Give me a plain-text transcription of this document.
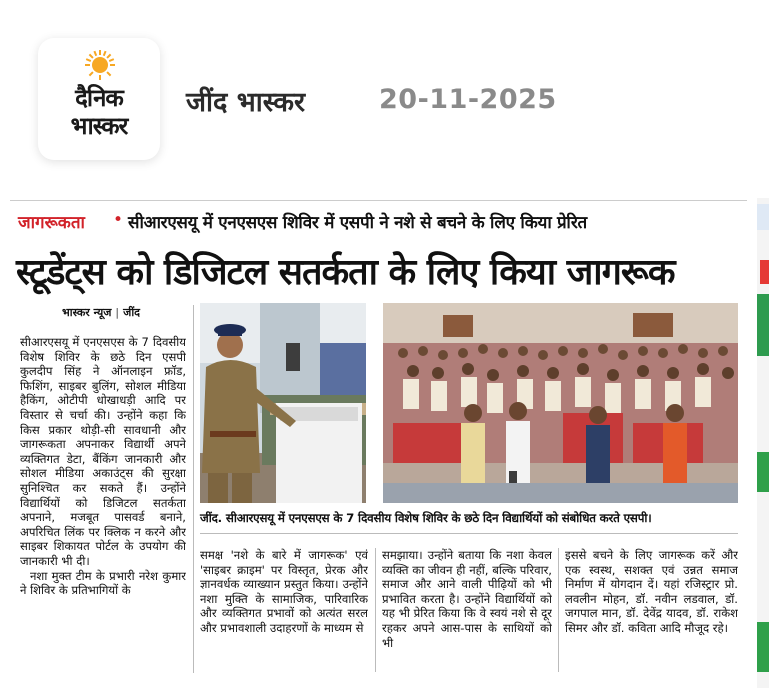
दैनिक
भास्कर
जींद भास्कर	20-11-2025
जागरूकता • सीआरएसयू में एनएसएस शिविर में एसपी ने नशे से बचने के लिए किया प्रेरित
स्टूडेंट्स को डिजिटल सतर्कता के लिए किया जागरूक
भास्कर न्यूज | जींद

सीआरएसयू में एनएसएस के 7 दिवसीय विशेष शिविर के छठे दिन एसपी कुलदीप सिंह ने ऑनलाइन फ्रॉड, फिशिंग, साइबर बुलिंग, सोशल मीडिया हैकिंग, ओटीपी धोखाधड़ी आदि पर विस्तार से चर्चा की। उन्होंने कहा कि किस प्रकार थोड़ी-सी सावधानी और जागरूकता अपनाकर विद्यार्थी अपने व्यक्तिगत डेटा, बैंकिंग जानकारी और सोशल मीडिया अकाउंट्स की सुरक्षा सुनिश्चित कर सकते हैं। उन्होंने विद्यार्थियों को डिजिटल सतर्कता अपनाने, मजबूत पासवर्ड बनाने, अपरिचित लिंक पर क्लिक न करने और साइबर शिकायत पोर्टल के उपयोग की जानकारी भी दी।

नशा मुक्त टीम के प्रभारी नरेश कुमार ने शिविर के प्रतिभागियों के

जींद. सीआरएसयू में एनएसएस के 7 दिवसीय विशेष शिविर के छठे दिन विद्यार्थियों को संबोधित करते एसपी।
समक्ष 'नशे के बारे में जागरूक' एवं 'साइबर क्राइम' पर विस्तृत, प्रेरक और ज्ञानवर्धक व्याख्यान प्रस्तुत किया। उन्होंने नशा मुक्ति के सामाजिक, पारिवारिक और व्यक्तिगत प्रभावों को अत्यंत सरल और प्रभावशाली उदाहरणों के माध्यम से
समझाया। उन्होंने बताया कि नशा केवल व्यक्ति का जीवन ही नहीं, बल्कि परिवार, समाज और आने वाली पीढ़ियों को भी प्रभावित करता है। उन्होंने विद्यार्थियों को यह भी प्रेरित किया कि वे स्वयं नशे से दूर रहकर अपने आस-पास के साथियों को भी
इससे बचने के लिए जागरूक करें और एक स्वस्थ, सशक्त एवं उन्नत समाज निर्माण में योगदान दें। यहां रजिस्ट्रार प्रो. लवलीन मोहन, डॉ. नवीन लडवाल, डॉ. जगपाल मान, डॉ. देवेंद्र यादव, डॉ. राकेश सिमर और डॉ. कविता आदि मौजूद रहे।
